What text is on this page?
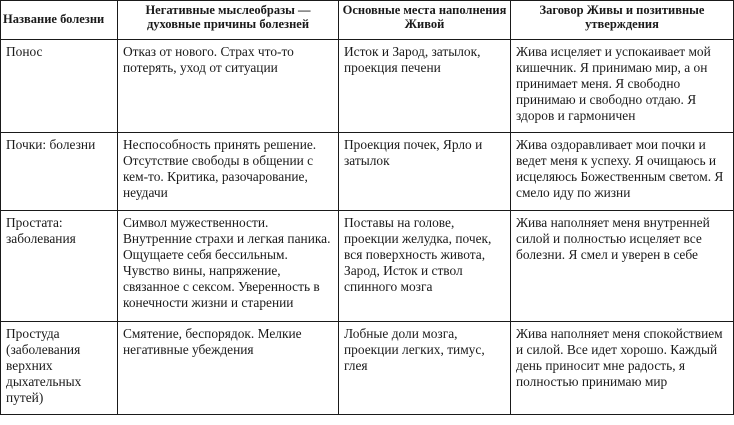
Название болезни	Негативные мыслеобразы — духовные причины болезней	Основные места наполнения Живой	Заговор Живы и позитивные утверждения

Понос	Отказ от нового. Страх что-то потерять, уход от ситуации	Исток и Зарод, затылок, проекция печени	Жива исцеляет и успокаивает мой кишечник. Я принимаю мир, а он принимает меня. Я свободно принимаю и свободно отдаю. Я здоров и гармоничен

Почки: болезни	Неспособность принять решение. Отсутствие свободы в общении с кем-то. Критика, разочарование, неудачи	Проекция почек, Ярло и затылок	Жива оздоравливает мои почки и ведет меня к успеху. Я очищаюсь и исцеляюсь Божественным светом. Я смело иду по жизни

Простата: заболевания	Символ мужественности. Внутренние страхи и легкая паника. Ощущаете себя бессильным. Чувство вины, напряжение, связанное с сексом. Уверенность в конечности жизни и старении	Поставы на голове, проекции желудка, почек, вся поверхность живота, Зарод, Исток и ствол спинного мозга	Жива наполняет меня внутренней силой и полностью исцеляет все болезни. Я смел и уверен в себе

Простуда (заболевания верхних дыхательных путей)	Смятение, беспорядок. Мелкие негативные убеждения	Лобные доли мозга, проекции легких, тимус, глея	Жива наполняет меня спокойствием и силой. Все идет хорошо. Каждый день приносит мне радость, я полностью принимаю мир
